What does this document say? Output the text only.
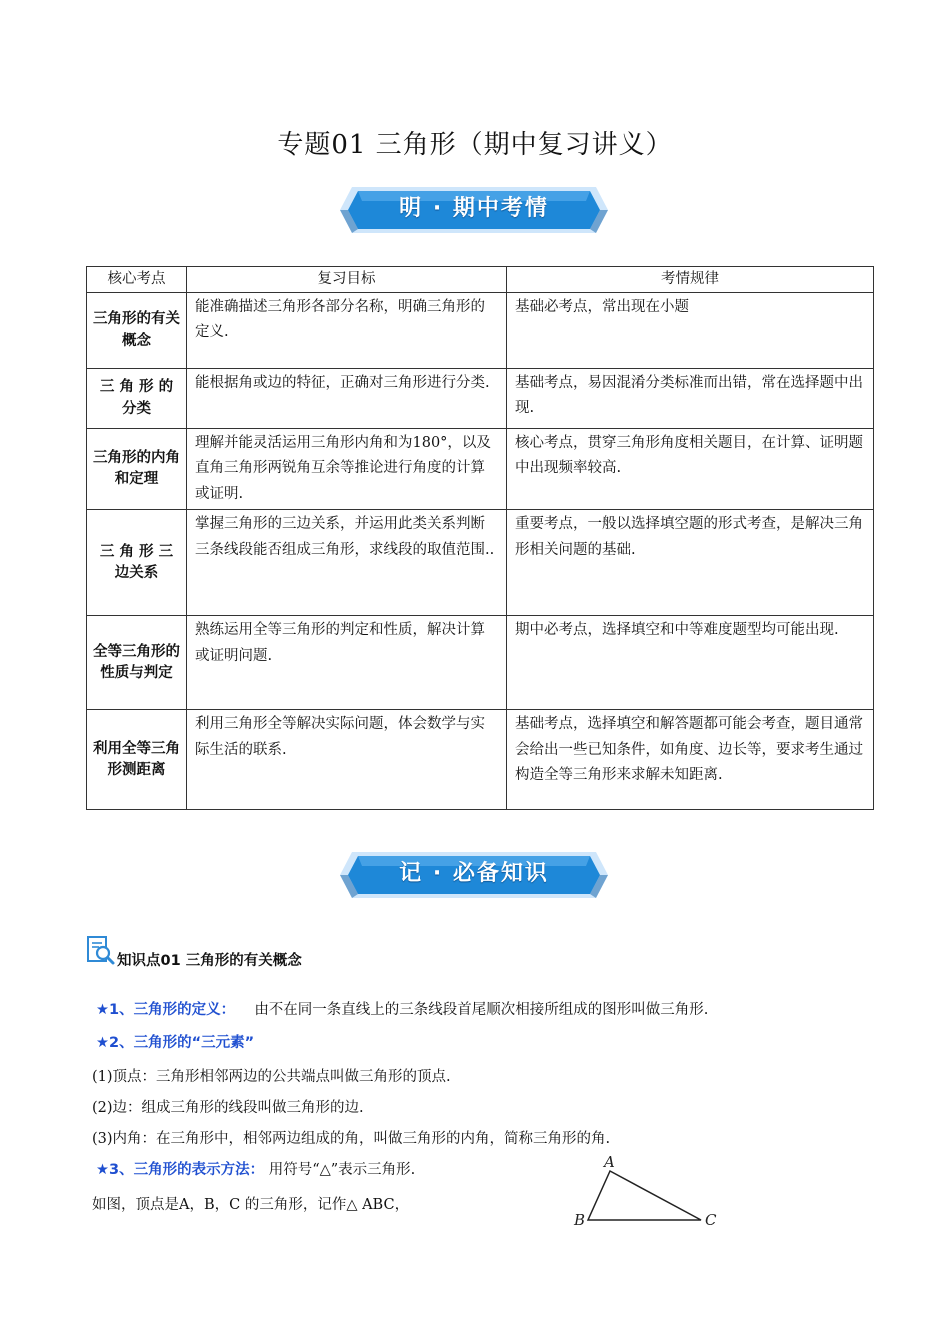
专题01 三角形（期中复习讲义）
明 · 期中考情
核心考点	复习目标	考情规律
三角形的有关概念	能准确描述三角形各部分名称，明确三角形的定义.	基础必考点，常出现在小题
三 角 形 的分类	能根据角或边的特征，正确对三角形进行分类.	基础考点，易因混淆分类标准而出错，常在选择题中出现.
三角形的内角和定理	理解并能灵活运用三角形内角和为180°，以及直角三角形两锐角互余等推论进行角度的计算或证明.	核心考点，贯穿三角形角度相关题目，在计算、证明题中出现频率较高.
三 角 形 三边关系	掌握三角形的三边关系，并运用此类关系判断三条线段能否组成三角形，求线段的取值范围..	重要考点，一般以选择填空题的形式考查，是解决三角形相关问题的基础.
全等三角形的性质与判定	熟练运用全等三角形的判定和性质，解决计算或证明问题.	期中必考点，选择填空和中等难度题型均可能出现.
利用全等三角形测距离	利用三角形全等解决实际问题，体会数学与实际生活的联系.	基础考点，选择填空和解答题都可能会考查，题目通常会给出一些已知条件，如角度、边长等，要求考生通过构造全等三角形来求解未知距离.
记 · 必备知识
知识点01 三角形的有关概念
★1、三角形的定义： 由不在同一条直线上的三条线段首尾顺次相接所组成的图形叫做三角形.
★2、三角形的“三元素”
(1)顶点：三角形相邻两边的公共端点叫做三角形的顶点.
(2)边：组成三角形的线段叫做三角形的边.
(3)内角：在三角形中，相邻两边组成的角，叫做三角形的内角，简称三角形的角.
★3、三角形的表示方法： 用符号“△”表示三角形.
如图，顶点是A，B，C 的三角形，记作△ ABC，
A
B	C
